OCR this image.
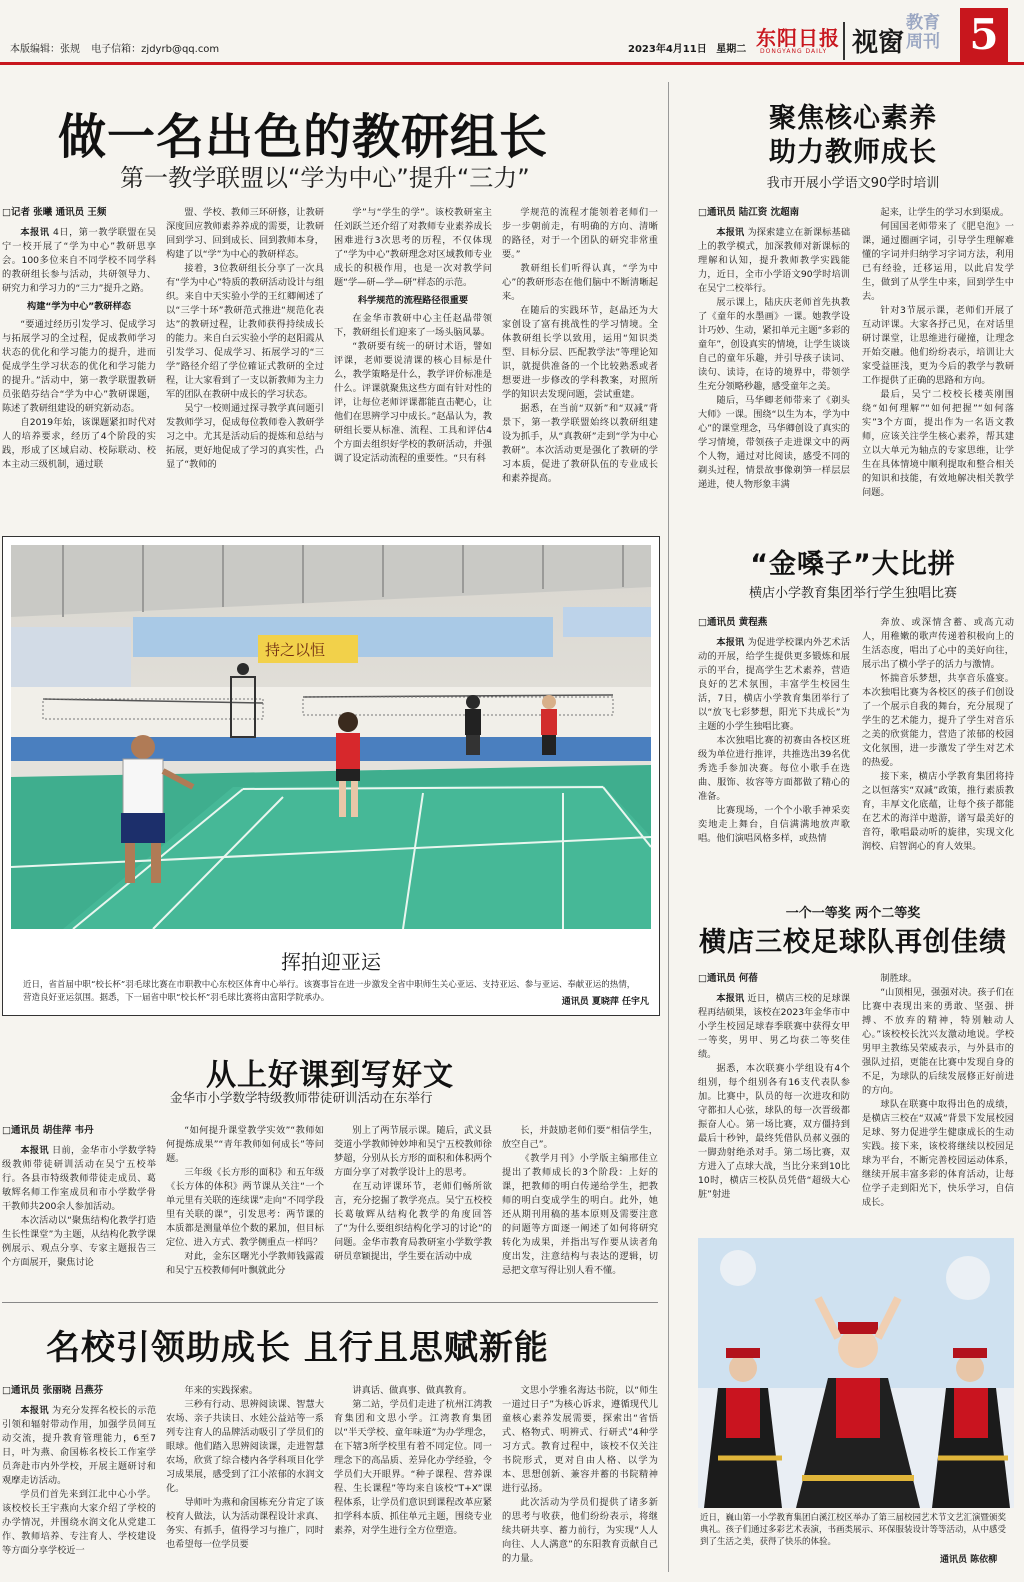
本版编辑：张规 电子信箱：zjdyrb@qq.com	2023年4月11日 星期二 东阳日报
DONGYANG DAILY 视窗
教育周刊 5
做一名出色的教研组长
第一教学联盟以“学为中心”提升“三力”
□记者 张曦 通讯员 王频

本报讯 4日，第一教学联盟在吴宁一校开展了“学为中心”教研思享会。100多位来自不同学校不同学科的教研组长参与活动，共研领导力、研究力和学习力的“三力”提升之路。

构建“学为中心”教研样态

“要通过经历引发学习、促成学习与拓展学习的全过程，促成教师学习状态的优化和学习能力的提升，进而促成学生学习状态的优化和学习能力的提升。”活动中，第一教学联盟教研员张皓芬结合“学为中心”教研课题，陈述了教研组建设的研究新动态。

自2019年始，该课题紧扣时代对人的培养要求，经历了4个阶段的实践，形成了区域启动、校际联动、校本主动三级机制，通过联

盟、学校、教师三环研修，让教研深度回应教师素养养成的需要，让教研回到学习、回到成长、回到教师本身，构建了以“学”为中心的教研样态。

接着，3位教研组长分享了一次具有“学为中心”特质的教研活动设计与组织。来自中天实验小学的王红卿阐述了以“三学十环”教研范式推进“规范化表达”的教研过程，让教师获得持续成长的能力。来自白云实验小学的赵阳霞从引发学习、促成学习、拓展学习的“三学”路径介绍了学位確证式教研的全过程，让大家看到了一支以新教师为主力军的团队在教研中成长的学习状态。

吴宁一校则通过探寻教学真问题引发教师学习，促成每位教师卷入教研学习之中。尤其是活动后的提炼和总结与拓展，更好地促成了学习的真实性，凸显了“教师的

学”与“学生的学”。该校教研室主任刘跃兰还介绍了对教师专业素养成长困难进行3次思考的历程，不仅体现了“学为中心”教研理念对区域教师专业成长的积极作用，也是一次对教学问题“学—研—学—研”样态的示范。

科学规范的流程路径很重要

在金华市教研中心主任赵晶带领下，教研组长们迎来了一场头脑风暴。

“教研要有统一的研讨术语，譬如评课，老师要说清课的核心目标是什么，教学策略是什么，教学评价标准是什么。评课就聚焦这些方面有针对性的评，让每位老师评课都能直击靶心，让他们在思辨学习中成长。”赵晶认为，教研组长要从标准、流程、工具和评估4个方面去组织好学校的教研活动，并强调了设定活动流程的重要性。“只有科

学规范的流程才能领着老师们一步一步朝前走，有明确的方向、清晰的路径，对于一个团队的研究非常重要。”

教研组长们听得认真，“学为中心”的教研形态在他们脑中不断清晰起来。

在随后的实践环节，赵晶还为大家创设了富有挑战性的学习情境。全体教研组长学以致用，运用“知识类型、目标分层、匹配教学法”等理论知识，就提供准备的一个比较熟悉或者想要进一步修改的学科教案，对照所学的知识去发现问题，尝试重建。

据悉，在当前“双新”和“双减”背景下，第一教学联盟始终以教研组建设为抓手，从“真教研”走到“学为中心教研”。本次活动更是强化了教研的学习本质，促进了教研队伍的专业成长和素养提高。

聚焦核心素养
助力教师成长
我市开展小学语文90学时培训
□通讯员 陆江资 沈超南

本报讯 为探索建立在新课标基础上的教学模式，加深教师对新课标的理解和认知，提升教师教学实践能力，近日，全市小学语文90学时培训在吴宁二校举行。

展示课上，陆庆庆老师首先执教了《童年的水墨画》一课。她教学设计巧妙、生动，紧扣单元主题“多彩的童年”，创设真实的情境，让学生谈谈自己的童年乐趣，并引导孩子读词、读句、读诗，在诗的境界中，带领学生充分领略秒趣，感受童年之美。

随后，马华卿老师带来了《剃头大师》一课。围绕“以生为本，学为中心”的课堂理念，马华卿创设了真实的学习情境，带领孩子走进课文中的两个人物，通过对比阅读，感受不同的剃头过程，情景故事像剃笋一样层层递进，使人物形象丰满

起来，让学生的学习水到渠成。

何国国老师带来了《肥皂泡》一课，通过圈画字词，引导学生理解难懂的字词并归纳学习字词方法，利用已有经验，迁移运用，以此启发学生，做到了从学生中来，回到学生中去。

针对3节展示课，老师们开展了互动评课。大家各抒己见，在对话里研讨课堂，让思维进行碰撞，让理念开始交融。他们纷纷表示，培训让大家受益匪浅，更为今后的教学与教研工作提供了正确的思路和方向。

最后，吴宁二校校长楼英刚围绕“如何理解”“如何把握”“如何落实”3个方面，提出作为一名语文教师，应该关注学生核心素养，帮其建立以大单元为轴点的专家思维，让学生在具体情境中顺利提取和整合相关的知识和技能，有效地解决相关教学问题。

持之以恒
挥拍迎亚运
近日，省首届中职“校长杯”羽毛球比赛在市职教中心东校区体育中心举行。该赛事旨在进一步激发全省中职师生关心亚运、支持亚运、参与亚运、奉献亚运的热情，营造良好亚运氛围。据悉，下一届省中职“校长杯”羽毛球比赛将由富阳学院承办。	通讯员 夏晓萍 任宇凡
“金嗓子”大比拼
横店小学教育集团举行学生独唱比赛
□通讯员 黄程燕

本报讯 为促进学校课内外艺术活动的开展，给学生提供更多锻炼和展示的平台，提高学生艺术素养，营造良好的艺术氛围，丰富学生校园生活，7日，横店小学教育集团举行了以“放飞七彩梦想，阳光下共成长”为主题的小学生独唱比赛。

本次独唱比赛的初赛由各校区班级为单位进行推评，共推选出39名优秀选手参加决赛。每位小歌手在选曲、服饰、妆容等方面都做了精心的准备。

比赛现场，一个个小歌手神采奕奕地走上舞台，自信满满地放声歌唱。他们演唱风格多样，或热情

奔放、或深情含蓄、或高亢动人，用稚嫩的歌声传递着积极向上的生活态度，唱出了心中的美好向往，展示出了横小学子的活力与激情。

怀揣音乐梦想，共享音乐盛宴。本次独唱比赛为各校区的孩子们创设了一个展示自我的舞台，充分展现了学生的艺术能力，提升了学生对音乐之美的欣赏能力，营造了浓郁的校园文化氛围，进一步激发了学生对艺术的热爱。

接下来，横店小学教育集团将持之以恒落实“双减”政策，推行素质教育，丰厚文化底蕴，让每个孩子都能在艺术的海洋中遨游，谱写最美好的音符，歌唱最动听的旋律，实现文化润校、启智润心的育人效果。

一个一等奖 两个二等奖
横店三校足球队再创佳绩
□通讯员 何蓓

本报讯 近日，横店三校的足球课程再结硕果，该校在2023年金华市中小学生校园足球春季联赛中获得女甲一等奖，男甲、男乙均获二等奖佳绩。

据悉，本次联赛小学组设有4个组别，每个组别各有16支代表队参加。比赛中，队员的每一次进攻和防守都扣人心弦，球队的每一次晋级都振奋人心。第一场比赛，双方僵持到最后十秒钟，最终凭借队员郝义强的一脚劲射绝杀对手。第二场比赛，双方进入了点球大战，当比分来到10比10时，横店三校队员凭借“超级大心脏”射进

制胜球。

“山顶相见，强强对决。孩子们在比赛中表现出来的勇敢、坚强、拼搏、不放弃的精神，特别触动人心。”该校校长沈兴友激动地说。学校男甲主教练吴荣威表示，与外县市的强队过招，更能在比赛中发现自身的不足，为球队的后续发展修正好前进的方向。

球队在联赛中取得出色的成绩，是横店三校在“双减”背景下发展校园足球、努力促进学生健康成长的生动实践。接下来，该校将继续以校园足球为平台，不断完善校园运动体系，继续开展丰富多彩的体育活动，让每位学子走到阳光下，快乐学习，自信成长。

近日，巍山第一小学教育集团白溪江校区举办了第三届校园艺术节文艺汇演暨颁奖典礼。孩子们通过多彩艺术表演，书画类展示、环保服装设计等等活动，从中感受到了生活之美，获得了快乐的体验。
通讯员 陈依柳
从上好课到写好文
金华市小学数学特级教师带徒研训活动在东举行
□通讯员 胡佳萍 韦丹

本报讯 日前，金华市小学数学特级教师带徒研训活动在吴宁五校举行。各县市特级教师带徒走成员、葛敏辉名师工作室成员和市小学数学骨干教师共200余人参加活动。

本次活动以“聚焦结构化教学打造生长性课堂”为主题，从结构化教学课例展示、观点分享、专家主题报告三个方面展开，聚焦讨论

“如何提升课堂教学实效”“教师如何提炼成果”“青年教师如何成长”等问题。

三年级《长方形的面积》和五年级《长方体的体积》两节课从关注“一个单元里有关联的连续课”走向“不同学段里有关联的课”，引发思考：两节课的本质都是测量单位个数的累加，但目标定位、进入方式、教学侧重点一样吗？

对此，金东区曙光小学教师钱露霞和吴宁五校教师何叶飘就此分

别上了两节展示课。随后，武义县茭道小学教师钟妙坤和吴宁五校教师徐梦超，分别从长方形的面积和体积两个方面分享了对教学设计上的思考。

在互动评课环节，老师们畅所欲言，充分挖掘了教学亮点。吴宁五校校长葛敏辉从结构化教学的角度回答了“为什么要组织结构化学习的讨论”的问题。金华市教育局教研室小学数学教研员章颖提出，学生要在活动中成

长，并鼓励老师们要“相信学生，放空自己”。

《教学月刊》小学版主编邢佳立提出了教师成长的3个阶段：上好的课，把教师的明白传递给学生，把教师的明白变成学生的明白。此外，她还从期刊用稿的基本原则及需要注意的问题等方面逐一阐述了如何将研究转化为成果，并指出写作要从读者角度出发，注意结构与表达的逻辑，切忌把文章写得让别人看不懂。

名校引领助成长 且行且思赋新能
□通讯员 张丽晓 吕燕芬

本报讯 为充分发挥名校长的示范引领和辐射带动作用，加强学员间互动交流，提升教育管理能力，6至7日，叶为燕、俞国栋名校长工作室学员奔赴市内外学校，开展主题研讨和观摩走访活动。

学员们首先来到江北中心小学。该校校长王宇燕向大家介绍了学校的办学情况，并围绕水润文化从党建工作、教师培养、专注育人、学校建设等方面分享学校近一

年来的实践探索。

三秒有行动、思辨阅读课、智慧大农场、亲子共读日、水娃公益站等一系列专注育人的品牌活动吸引了学员们的眼球。他们踏入思辨阅读课，走进智慧农场，欣赏了综合楼内各学科项目化学习成果展，感受到了江小浓郁的水润文化。

导师叶为燕和俞国栋充分肯定了该校育人做法，认为活动课程设计求真、务实、有抓手，值得学习与推广，同时也希望每一位学员要

讲真话、做真事、做真教育。

第二站，学员们走进了杭州江湾教育集团和文思小学。江湾教育集团以“半天学校、童年味道”为办学理念，在下辖3所学校里有着不同定位。同一理念下的高品质、差异化办学经验，令学员们大开眼界。“种子课程、营养课程、生长课程”等均来自该校“T+X”课程体系，让学员们意识到课程改革应紧扣学科本质、抓住单元主题，围绕专业素养，对学生进行全方位塑造。

文思小学雅名海达书院，以“师生一道过日子”为核心诉求，遵循现代儿童核心素养发展需要，探索出“省悟式、格物式、明辨式、行研式”4种学习方式。教育过程中，该校不仅关注书院形式，更对自由人格、以学为本、思想创新、兼容并蓄的书院精神进行弘扬。

此次活动为学员们提供了诸多新的思考与收获，他们纷纷表示，将继续共研共享、蓄力前行，为实现“人人向往、人人满意”的东阳教育贡献自己的力量。
